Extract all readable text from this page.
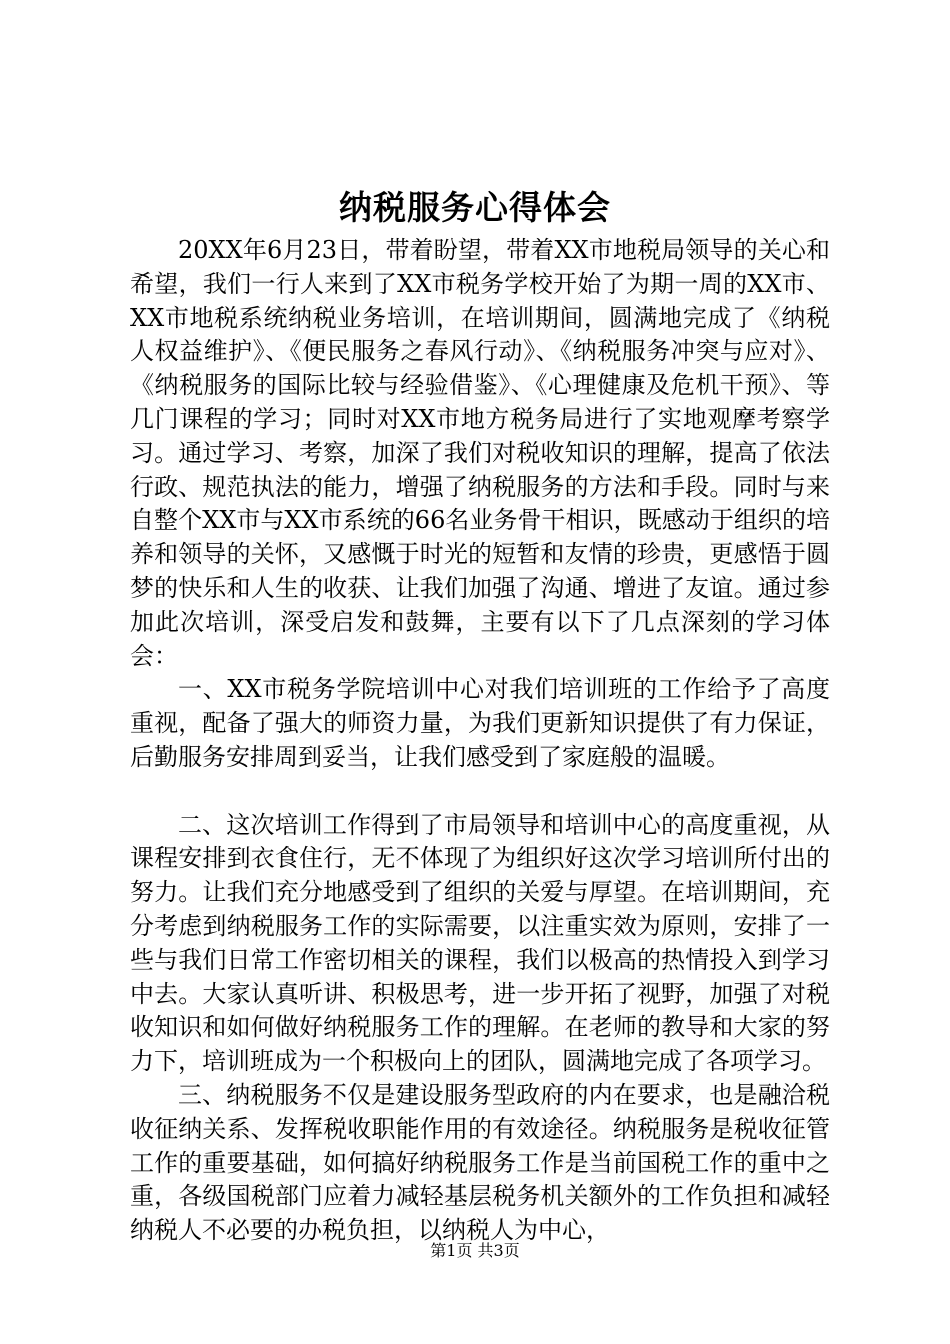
纳税服务心得体会

20XX年6月23日，带着盼望，带着XX市地税局领导的关心和希望，我们一行人来到了XX市税务学校开始了为期一周的XX市、XX市地税系统纳税业务培训，在培训期间，圆满地完成了《纳税人权益维护》、《便民服务之春风行动》、《纳税服务冲突与应对》、《纳税服务的国际比较与经验借鉴》、《心理健康及危机干预》、等几门课程的学习；同时对XX市地方税务局进行了实地观摩考察学习。通过学习、考察，加深了我们对税收知识的理解，提高了依法行政、规范执法的能力，增强了纳税服务的方法和手段。同时与来自整个XX市与XX市系统的66名业务骨干相识，既感动于组织的培养和领导的关怀，又感慨于时光的短暂和友情的珍贵，更感悟于圆梦的快乐和人生的收获、让我们加强了沟通、增进了友谊。通过参加此次培训，深受启发和鼓舞，主要有以下了几点深刻的学习体会：

一、XX市税务学院培训中心对我们培训班的工作给予了高度重视，配备了强大的师资力量，为我们更新知识提供了有力保证，后勤服务安排周到妥当，让我们感受到了家庭般的温暖。

二、这次培训工作得到了市局领导和培训中心的高度重视，从课程安排到衣食住行，无不体现了为组织好这次学习培训所付出的努力。让我们充分地感受到了组织的关爱与厚望。在培训期间，充分考虑到纳税服务工作的实际需要，以注重实效为原则，安排了一些与我们日常工作密切相关的课程，我们以极高的热情投入到学习中去。大家认真听讲、积极思考，进一步开拓了视野，加强了对税收知识和如何做好纳税服务工作的理解。在老师的教导和大家的努力下，培训班成为一个积极向上的团队，圆满地完成了各项学习。

三、纳税服务不仅是建设服务型政府的内在要求，也是融洽税收征纳关系、发挥税收职能作用的有效途径。纳税服务是税收征管工作的重要基础，如何搞好纳税服务工作是当前国税工作的重中之重，各级国税部门应着力减轻基层税务机关额外的工作负担和减轻纳税人不必要的办税负担，以纳税人为中心，

第1页 共3页
